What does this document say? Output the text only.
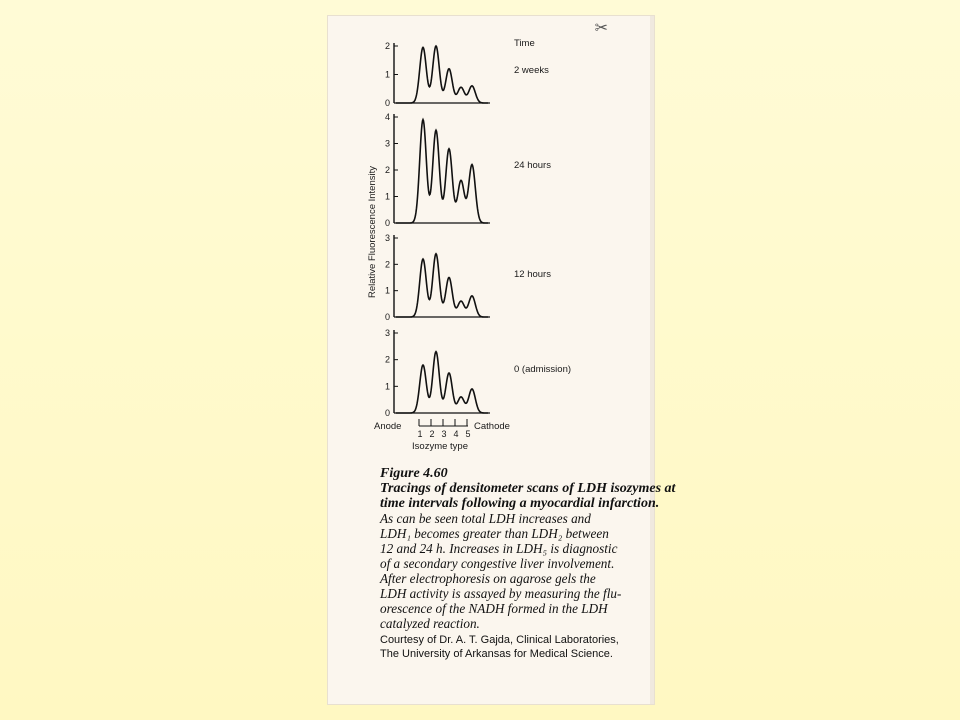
✂
Time
0
1
2
2 weeks
0
1
2
3
4
24 hours
0
1
2
3
12 hours
0
1
2
3
0 (admission)
Relative Fluorescence Intensity
Anode	Cathode
1 2 3 4 5
Isozyme type
Figure 4.60
Tracings of densitometer scans of LDH isozymes at time intervals following a myocardial infarction.
As can be seen total LDH increases and
LDH₁ becomes greater than LDH₂ between
12 and 24 h. Increases in LDH₅ is diagnostic
of a secondary congestive liver involvement.
After electrophoresis on agarose gels the
LDH activity is assayed by measuring the flu-
orescence of the NADH formed in the LDH
catalyzed reaction.
Courtesy of Dr. A. T. Gajda, Clinical Laboratories,
The University of Arkansas for Medical Science.
